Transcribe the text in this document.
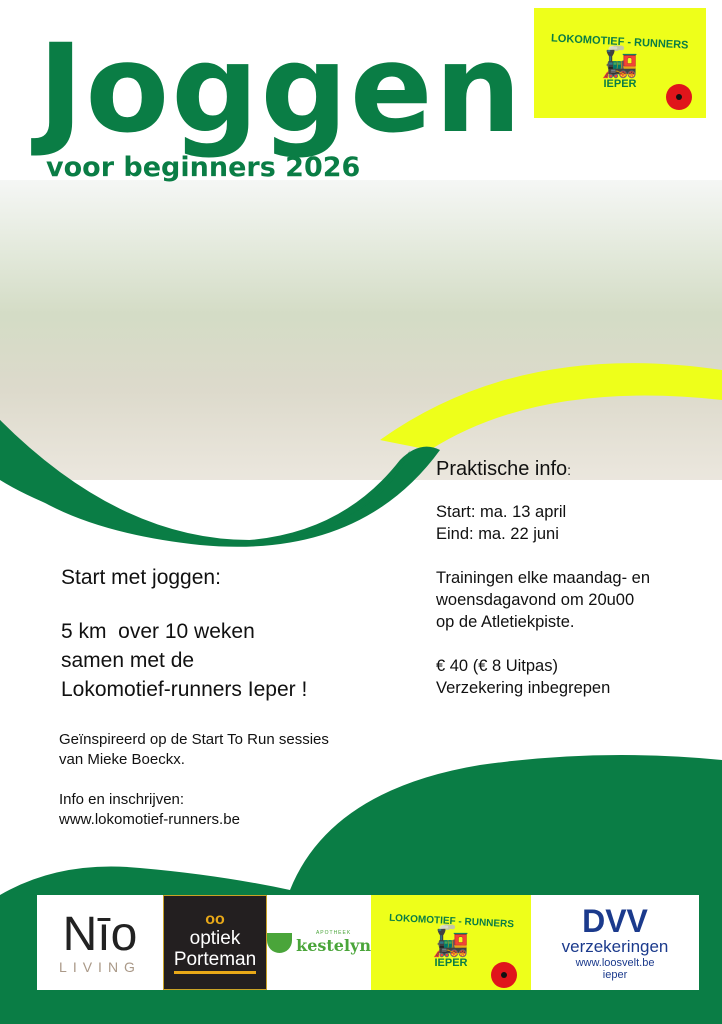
Joggen
voor beginners 2026
LOKOMOTIEF - RUNNERS
🚂
IEPER
Start met joggen:
5 km  over 10 weken
samen met de
Lokomotief-runners Ieper !
Geïnspireerd op de Start To Run sessies
van Mieke Boeckx.
Info en inschrijven:
www.lokomotief-runners.be
Praktische info:
Start: ma. 13 april
Eind: ma. 22 juni
Trainingen elke maandag- en
woensdagavond om 20u00
op de Atletiekpiste.
€ 40 (€ 8 Uitpas)
Verzekering inbegrepen
Nīo
LIVING
oo
optiek
Porteman
APOTHEEK
kestelyn
LOKOMOTIEF - RUNNERS
🚂
IEPER
DVV
verzekeringen
www.loosvelt.be
ieper
